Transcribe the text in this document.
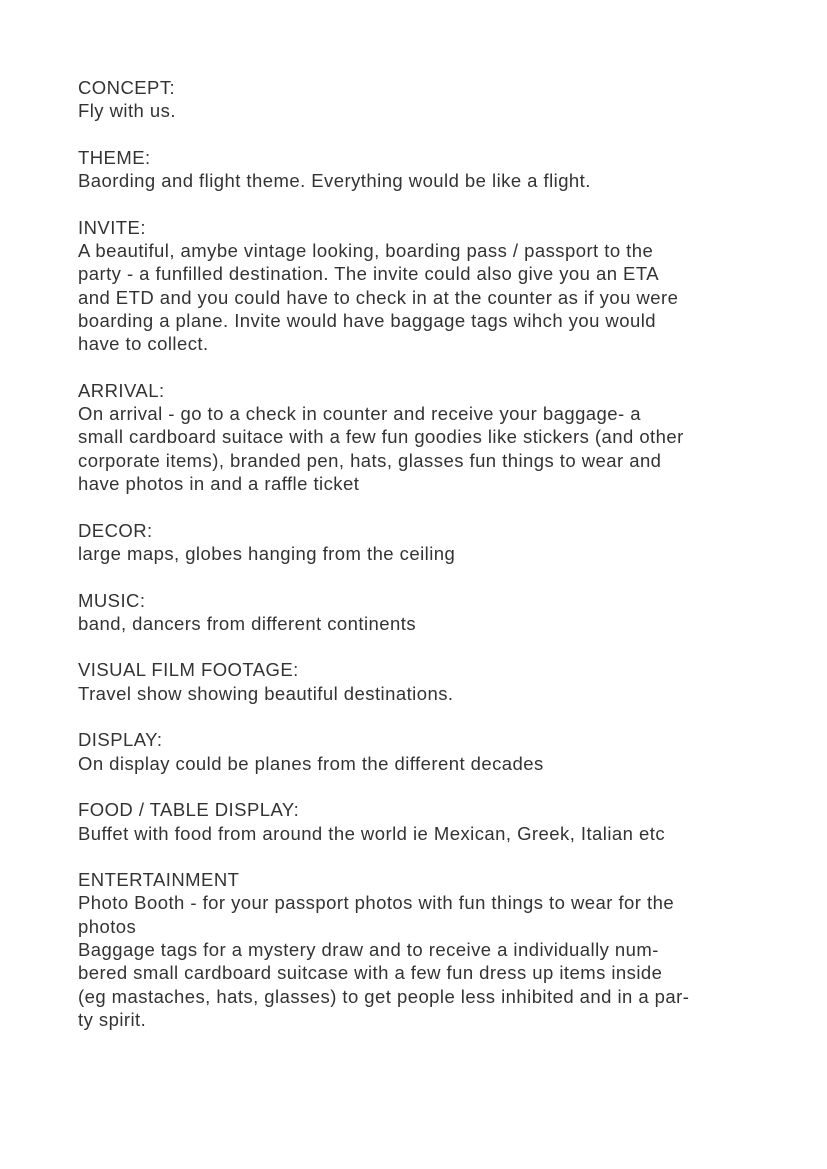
CONCEPT:
Fly with us.
THEME:
Baording and flight theme. Everything would be like a flight.
INVITE:
A beautiful, amybe vintage looking, boarding pass / passport to the
party - a funfilled destination. The invite could also give you an ETA
and ETD and you could have to check in at the counter as if you were
boarding a plane. Invite would have baggage tags wihch you would
have to collect.
ARRIVAL:
On arrival - go to a check in counter and receive your baggage- a
small cardboard suitace with a few fun goodies like stickers (and other
corporate items), branded pen, hats, glasses fun things to wear and
have photos in and a raffle ticket
DECOR:
large maps, globes hanging from the ceiling
MUSIC:
band, dancers from different continents
VISUAL FILM FOOTAGE:
Travel show showing beautiful destinations.
DISPLAY:
On display could be planes from the different decades
FOOD / TABLE DISPLAY:
Buffet with food from around the world ie Mexican, Greek, Italian etc
ENTERTAINMENT
Photo Booth - for your passport photos with fun things to wear for the
photos
Baggage tags for a mystery draw and to receive a individually num-
bered small cardboard suitcase with a few fun dress up items inside
(eg mastaches, hats, glasses) to get people less inhibited and in a par-
ty spirit.
